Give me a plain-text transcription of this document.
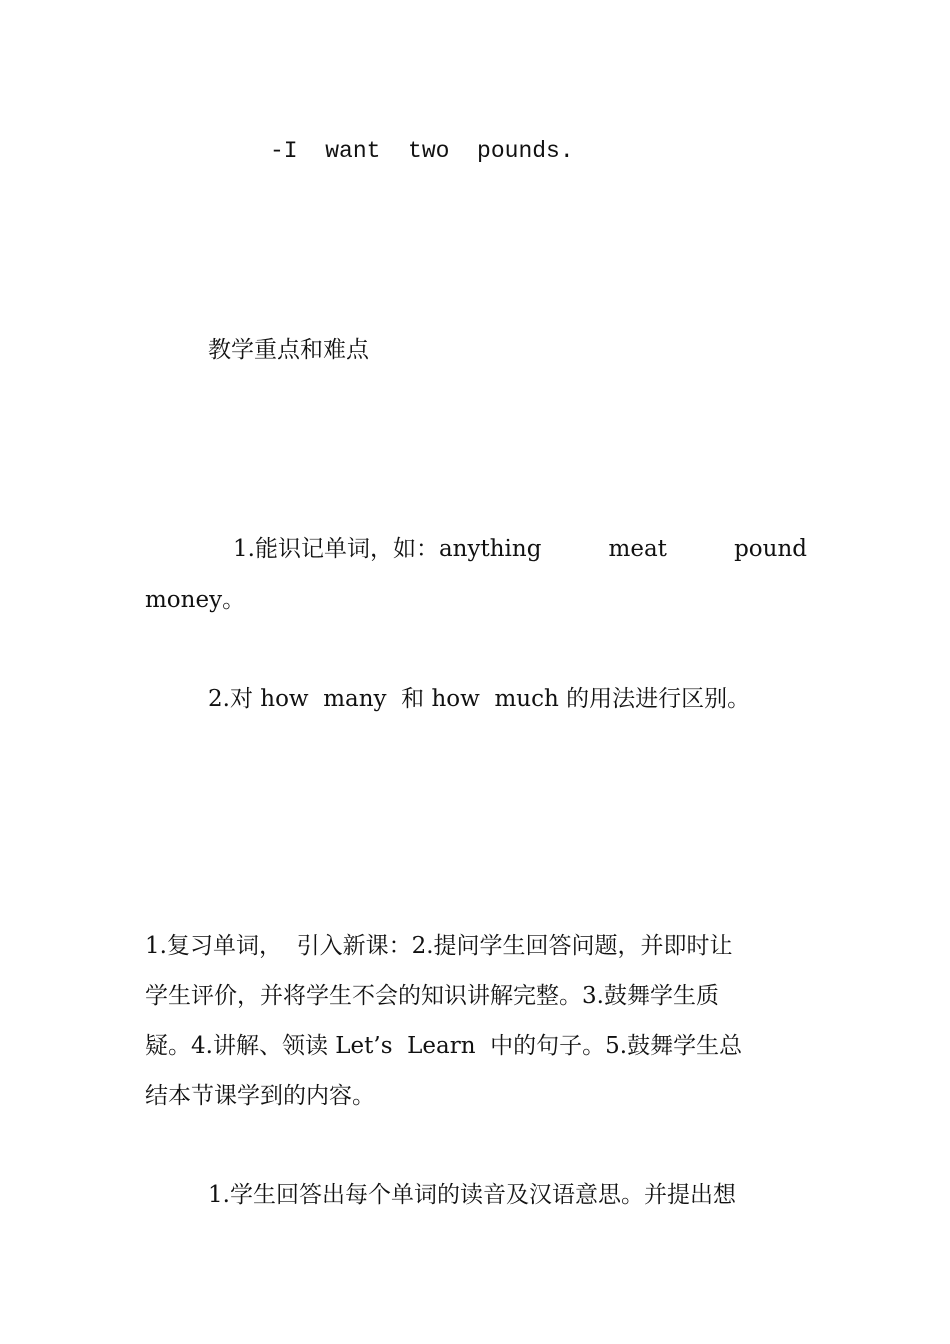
-I  want  two  pounds.
教学重点和难点
1.能识记单词，如：anything	meat	pound
money。
2.对 how  many  和 how  much 的用法进行区别。
1.复习单词，  引入新课：2.提问学生回答问题，并即时让
学生评价，并将学生不会的知识讲解完整。3.鼓舞学生质
疑。4.讲解、领读 Let’s  Learn  中的句子。5.鼓舞学生总
结本节课学到的内容。
1.学生回答出每个单词的读音及汉语意思。并提出想
